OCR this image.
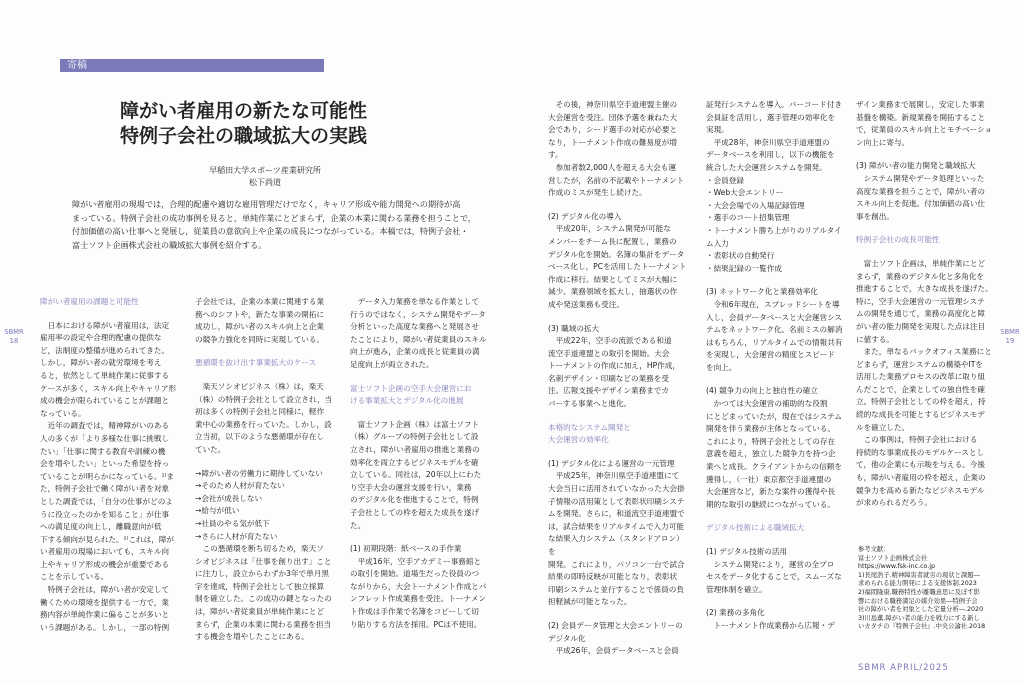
寄稿
障がい者雇用の新たな可能性
特例子会社の職域拡大の実践
早稲田大学スポーツ産業研究所
松下尚道
障がい者雇用の現場では，合理的配慮や適切な雇用管理だけでなく，キャリア形成や能力開発への期待が高
まっている。特例子会社の成功事例を見ると，単純作業にとどまらず，企業の本業に関わる業務を担うことで，
付加価値の高い仕事へと発展し，従業員の意欲向上や企業の成長につながっている。本稿では，特例子会社・
富士ソフト企画株式会社の職域拡大事例を紹介する。
SBMR
18
SBMR
19

障がい者雇用の課題と可能性

　日本における障がい者雇用は，法定

雇用率の設定や合理的配慮の提供な

ど，法制度の整備が進められてきた。

しかし，障がい者の就労環境を考え

ると，依然として単純作業に従事する

ケースが多く，スキル向上やキャリア形

成の機会が限られていることが課題と

なっている。

　近年の調査では，精神障がいのある

人の多くが「より多様な仕事に挑戦し

たい」「仕事に関する教育や訓練の機

会を増やしたい」といった希望を持っ

ていることが明らかになっている。¹⁾ま

た，特例子会社で働く障がい者を対象

とした調査では，「自分の仕事がどのよ

うに役立ったのかを知ること」が仕事

への満足度の向上し，離職意向が低

下する傾向が見られた。²⁾これは，障が

い者雇用の現場においても，スキル向

上やキャリア形成の機会が重要である

ことを示している。

　特例子会社は，障がい者が安定して

働くための環境を提供する一方で，業

務内容が単純作業に偏ることが多いと

いう課題がある。しかし，一部の特例

子会社では，企業の本業に関連する業

務へのシフトや，新たな事業の開拓に

成功し，障がい者のスキル向上と企業

の競争力強化を同時に実現している。

悪循環を抜け出す事業拡大のケース

　楽天ソシオビジネス（株）は，楽天

（株）の特例子会社として設立され，当

初は多くの特例子会社と同様に，軽作

業中心の業務を行っていた。しかし，設

立当初，以下のような悪循環が存在し

ていた。

→障がい者の労働力に期待していない

→そのため人材が育たない

→会社が成長しない

→給与が低い

→社員のやる気が低下

→さらに人材が育たない

　この悪循環を断ち切るため，楽天ソ

シオビジネスは「仕事を創り出す」こと

に注力し，設立からわずか3年で単月黒

字を達成，特例子会社として独立採算

制を確立した。この成功の鍵となったの

は，障がい者従業員が単純作業にとど

まらず，企業の本業に関わる業務を担当

する機会を増やしたことにある。

　データ入力業務を単なる作業として

行うのではなく，システム開発やデータ

分析といった高度な業務へと発展させ

たことにより，障がい者従業員のスキル

向上が進み，企業の成長と従業員の満

足度向上が両立された。

富士ソフト企画の空手大会運営にお

ける事業拡大とデジタル化の進展

　富士ソフト企画（株）は富士ソフト

（株）グループの特例子会社として設

立され，障がい者雇用の推進と業務の

効率化を両立するビジネスモデルを確

立している。同社は，20年以上にわた

り空手大会の運営支援を行い，業務

のデジタル化を推進することで，特例

子会社としての枠を超えた成長を遂げ

た。

(1) 初期段階：紙ベースの手作業

　平成16年，空手アカデミー事務館と

の取引を開始。道場生だった役員のつ

ながりから，大会トーナメント作成とパ

ンフレット作成業務を受注。トーナメン

ト作成は手作業で名簿をコピーして切

り貼りする方法を採用。PCは不使用。

　その後，神奈川県空手道連盟主催の

大会運営を受注。団体予選を兼ねた大

会であり，シード選手の対応が必要と

なり，トーナメント作成の難易度が増す。

　参加者数2,000人を超える大会も運

営したが，名前の不記載やトーナメント

作成のミスが発生し続けた。

(2) デジタル化の導入

　平成20年，システム開発が可能な

メンバーをチーム長に配置し，業務の

デジタル化を開始。名簿の集計をデータ

ベース化し，PCを活用したトーナメント

作成に移行。結果としてミスが大幅に

減少。業務領域を拡大し，抽選状の作

成や発送業務も受注。

(3) 職域の拡大

　平成22年，空手の流派である和道

流空手道連盟との取引を開始。大会

トーナメントの作成に加え，HP作成，

名刺デザイン・印刷などの業務を受

注。広報支援やデザイン業務までカ

バーする事業へと進化。

本格的なシステム開発と

大会運営の効率化

(1) デジタル化による運営の一元管理

　平成25年，神奈川県空手道連盟にて

大会当日に活用されていなかった大会掛

子情報の活用策として表彰状印刷システ

ムを開発。さらに，和道流空手道連盟で

は，試合結果をリアルタイムで入力可能

な結果入力システム（スタンドアロン）を

開発。これにより，パソコン一台で試合

結果の即時反映が可能となり，表彰状

印刷システムと並行することで係員の負

担軽減が可能となった。

(2) 会員データ管理と大会エントリーの

デジタル化

　平成26年，会員データベースと会員

証発行システムを導入。バーコード付き

会員証を活用し，選手管理の効率化を

実現。

　平成28年，神奈川県空手道連盟の

データベースを利用し，以下の機能を

統合した大会運営システムを開発。

・会員登録

・Web大会エントリー

・大会会場での入場記録管理

・選手のコート招集管理

・トーナメント勝ち上がりのリアルタイ

ム入力

・表彰状の自動発行

・結果記録の一覧作成

(3) ネットワーク化と業務効率化

　令和6年現在，スプレッドシートを導

入し，会員データベースと大会運営シス

テムをネットワーク化。名前ミスの解消

はもちろん，リアルタイムでの情報共有

を実現し，大会運営の精度とスピード

を向上。

(4) 競争力の向上と独自性の確立

　かつては大会運営の補助的な役割

にとどまっていたが，現在ではシステム

開発を伴う業務が主体となっている。

これにより，特例子会社としての存在

意義を超え，独立した競争力を持つ企

業へと成長。クライアントからの信頼を

獲得し，（一社）東京都空手道連盟の

大会運営など，新たな案件の獲得や長

期的な取引の継続につながっている。

デジタル技術による職域拡大

(1) デジタル技術の活用

　システム開発により，運営の全プロ

セスをデータ化することで，スムーズな

管理体制を確立。

(2) 業務の多角化

　トーナメント作成業務から広報・デ

ザイン業務まで展開し，安定した事業

基盤を構築。新規業務を開拓すること

で，従業員のスキル向上とモチベーショ

ン向上に寄与。

(3) 障がい者の能力開発と職域拡大

　システム開発やデータ処理といった

高度な業務を担うことで，障がい者の

スキル向上を促進。付加価値の高い仕

事を創出。

特例子会社の成長可能性

　富士ソフト企画は，単純作業にとど

まらず，業務のデジタル化と多角化を

推進することで，大きな成長を遂げた。

特に，空手大会運営の一元管理システ

ムの開発を通じて，業務の高度化と障

がい者の能力開発を実現した点は注目

に値する。

　また，単なるバックオフィス業務にと

どまらず，運営システムの構築やITを

活用した業務プロセスの改革に取り組

んだことで，企業としての独自性を確

立。特例子会社としての枠を超え，持

続的な成長を可能とするビジネスモデ

ルを確立した。

　この事例は，特例子会社における

持続的な事業成長のモデルケースとし

て，他の企業にも示唆を与える。今後

も，障がい者雇用の枠を超え，企業の

競争力を高める新たなビジネスモデル

が求められるだろう。

参考文献：

富士ソフト企画株式会社

https://www.fsk-inc.co.jp

1)長尾浩子.精神障害者就労の現状と課題―

求められる能力開発による支援体制.2023

2)福間隆康.職務特性が離職意思に及ぼす影

響における職務満足の媒介効果―特例子会

社の障がい者を対象とした定量分析―.2020

3)川島薫.障がい者の能力を戦力にする新し

いカタチの『特例子会社』.中央公論社.2018

SBMR APRIL/2025
